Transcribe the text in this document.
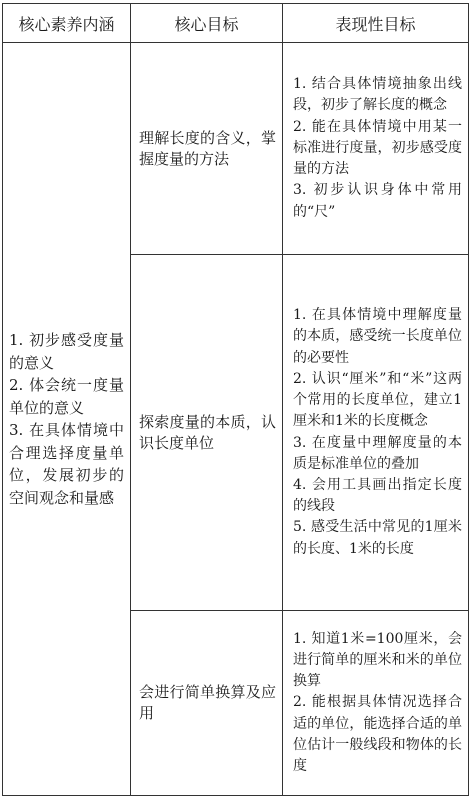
核心素养内涵	核心目标	表现性目标

1. 初步感受度量的意义
2. 体会统一度量单位的意义
3. 在具体情境中合理选择度量单位，发展初步的空间观念和量感	理解长度的含义，掌握度量的方法	1. 结合具体情境抽象出线段，初步了解长度的概念
2. 能在具体情境中用某一标准进行度量，初步感受度量的方法
3. 初步认识身体中常用的“尺”

	探索度量的本质，认识长度单位	1. 在具体情境中理解度量的本质，感受统一长度单位的必要性
2. 认识“厘米”和“米”这两个常用的长度单位，建立1厘米和1米的长度概念
3. 在度量中理解度量的本质是标准单位的叠加
4. 会用工具画出指定长度的线段
5. 感受生活中常见的1厘米的长度、1米的长度

	会进行简单换算及应用	1. 知道1米=100厘米，会进行简单的厘米和米的单位换算
2. 能根据具体情况选择合适的单位，能选择合适的单位估计一般线段和物体的长度
